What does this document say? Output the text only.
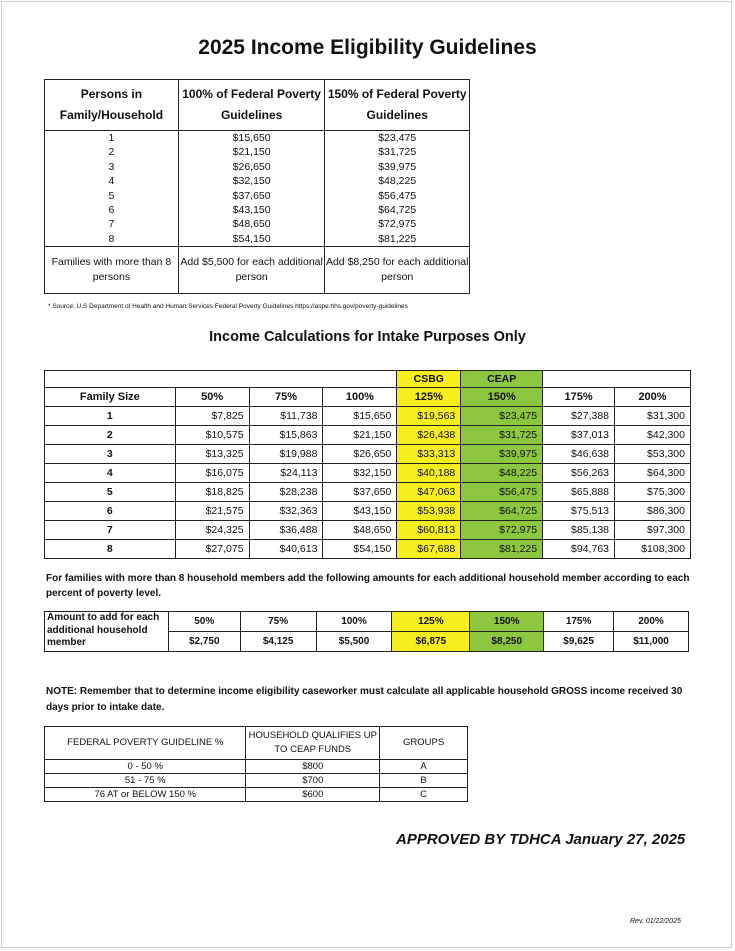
2025 Income Eligibility Guidelines
Persons in Family/Household	100% of Federal Poverty Guidelines	150% of Federal Poverty Guidelines
1	$15,650	$23,475
2	$21,150	$31,725
3	$26,650	$39,975
4	$32,150	$48,225
5	$37,650	$56,475
6	$43,150	$64,725
7	$48,650	$72,975
8	$54,150	$81,225
Families with more than 8 persons	Add $5,500 for each additional person	Add $8,250 for each additional person
* Source: U.S Department of Health and Human Services Federal Poverty Guidelines https://aspe.hhs.gov/poverty-guidelines
Income Calculations for Intake Purposes Only
				CSBG	CEAP		
Family Size	50%	75%	100%	125%	150%	175%	200%
1	$7,825	$11,738	$15,650	$19,563	$23,475	$27,388	$31,300
2	$10,575	$15,863	$21,150	$26,438	$31,725	$37,013	$42,300
3	$13,325	$19,988	$26,650	$33,313	$39,975	$46,638	$53,300
4	$16,075	$24,113	$32,150	$40,188	$48,225	$56,263	$64,300
5	$18,825	$28,238	$37,650	$47,063	$56,475	$65,888	$75,300
6	$21,575	$32,363	$43,150	$53,938	$64,725	$75,513	$86,300
7	$24,325	$36,488	$48,650	$60,813	$72,975	$85,138	$97,300
8	$27,075	$40,613	$54,150	$67,688	$81,225	$94,763	$108,300
For families with more than 8 household members add the following amounts for each additional household member according to each percent of poverty level.
Amount to add for each additional household member	50%	75%	100%	125%	150%	175%	200%
	$2,750	$4,125	$5,500	$6,875	$8,250	$9,625	$11,000
NOTE: Remember that to determine income eligibility caseworker must calculate all applicable household GROSS income received 30 days prior to intake date.
FEDERAL POVERTY GUIDELINE %	HOUSEHOLD QUALIFIES UP TO CEAP FUNDS	GROUPS
0 - 50 %	$800	A
51 - 75 %	$700	B
76 AT or BELOW 150 %	$600	C
APPROVED BY TDHCA January 27, 2025
Rev. 01/22/2025
